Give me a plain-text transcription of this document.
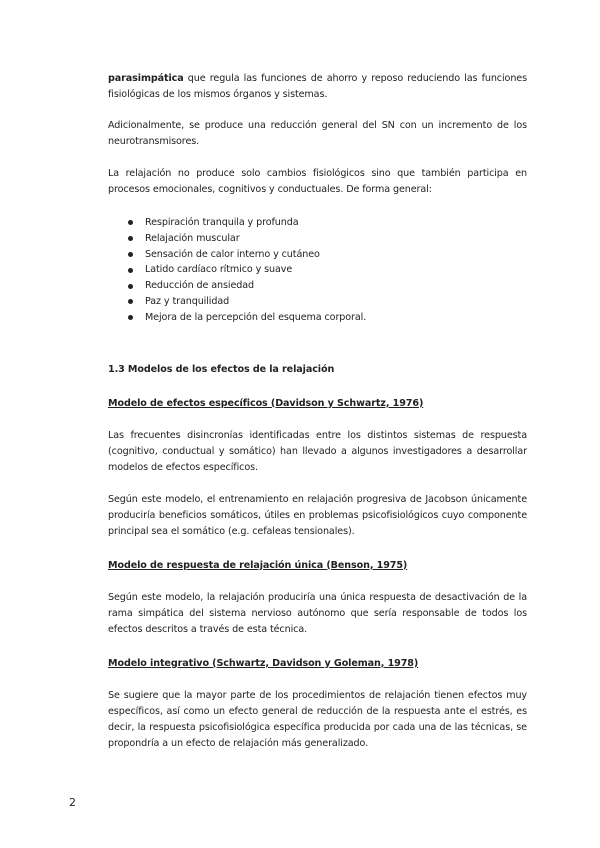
parasimpática que regula las funciones de ahorro y reposo reduciendo las funciones fisiológicas de los mismos órganos y sistemas.

Adicionalmente, se produce una reducción general del SN con un incremento de los neurotransmisores.

La relajación no produce solo cambios fisiológicos sino que también participa en procesos emocionales, cognitivos y conductuales. De forma general:

Respiración tranquila y profunda
Relajación muscular
Sensación de calor interno y cutáneo
Latido cardíaco rítmico y suave
Reducción de ansiedad
Paz y tranquilidad
Mejora de la percepción del esquema corporal.

1.3 Modelos de los efectos de la relajación

Modelo de efectos específicos (Davidson y Schwartz, 1976)

Las frecuentes disincronías identificadas entre los distintos sistemas de respuesta (cognitivo, conductual y somático) han llevado a algunos investigadores a desarrollar modelos de efectos específicos.

Según este modelo, el entrenamiento en relajación progresiva de Jacobson únicamente produciría beneficios somáticos, útiles en problemas psicofisiológicos cuyo componente principal sea el somático (e.g. cefaleas tensionales).

Modelo de respuesta de relajación única (Benson, 1975)

Según este modelo, la relajación produciría una única respuesta de desactivación de la rama simpática del sistema nervioso autónomo que sería responsable de todos los efectos descritos a través de esta técnica.

Modelo integrativo (Schwartz, Davidson y Goleman, 1978)

Se sugiere que la mayor parte de los procedimientos de relajación tienen efectos muy específicos, así como un efecto general de reducción de la respuesta ante el estrés, es decir, la respuesta psicofisiológica específica producida por cada una de las técnicas, se propondría a un efecto de relajación más generalizado.

2
